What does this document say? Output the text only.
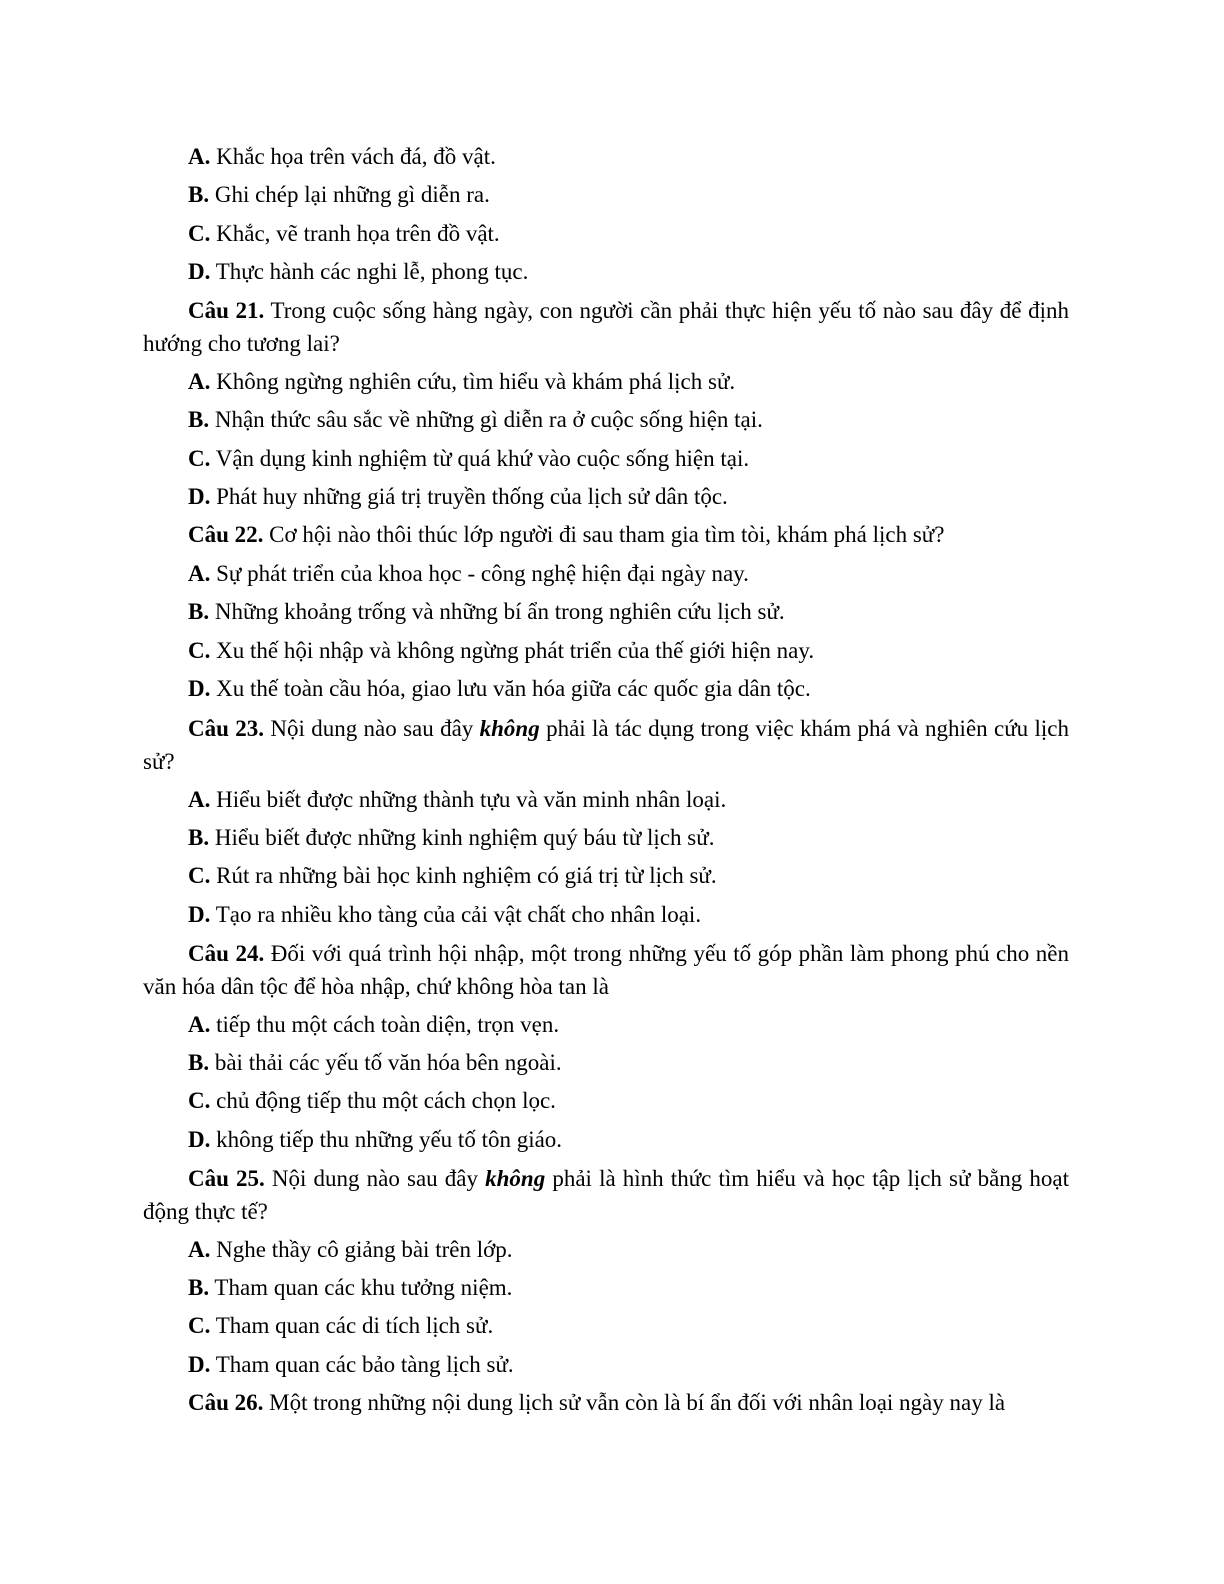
A. Khắc họa trên vách đá, đồ vật.
B. Ghi chép lại những gì diễn ra.
C. Khắc, vẽ tranh họa trên đồ vật.
D. Thực hành các nghi lễ, phong tục.
Câu 21. Trong cuộc sống hàng ngày, con người cần phải thực hiện yếu tố nào sau đây để định hướng cho tương lai?
A. Không ngừng nghiên cứu, tìm hiểu và khám phá lịch sử.
B. Nhận thức sâu sắc về những gì diễn ra ở cuộc sống hiện tại.
C. Vận dụng kinh nghiệm từ quá khứ vào cuộc sống hiện tại.
D. Phát huy những giá trị truyền thống của lịch sử dân tộc.
Câu 22. Cơ hội nào thôi thúc lớp người đi sau tham gia tìm tòi, khám phá lịch sử?
A. Sự phát triển của khoa học - công nghệ hiện đại ngày nay.
B. Những khoảng trống và những bí ẩn trong nghiên cứu lịch sử.
C. Xu thế hội nhập và không ngừng phát triển của thế giới hiện nay.
D. Xu thế toàn cầu hóa, giao lưu văn hóa giữa các quốc gia dân tộc.
Câu 23. Nội dung nào sau đây không phải là tác dụng trong việc khám phá và nghiên cứu lịch sử?
A. Hiểu biết được những thành tựu và văn minh nhân loại.
B. Hiểu biết được những kinh nghiệm quý báu từ lịch sử.
C. Rút ra những bài học kinh nghiệm có giá trị từ lịch sử.
D. Tạo ra nhiều kho tàng của cải vật chất cho nhân loại.
Câu 24. Đối với quá trình hội nhập, một trong những yếu tố góp phần làm phong phú cho nền văn hóa dân tộc để hòa nhập, chứ không hòa tan là
A. tiếp thu một cách toàn diện, trọn vẹn.
B. bài thải các yếu tố văn hóa bên ngoài.
C. chủ động tiếp thu một cách chọn lọc.
D. không tiếp thu những yếu tố tôn giáo.
Câu 25. Nội dung nào sau đây không phải là hình thức tìm hiểu và học tập lịch sử bằng hoạt động thực tế?
A. Nghe thầy cô giảng bài trên lớp.
B. Tham quan các khu tưởng niệm.
C. Tham quan các di tích lịch sử.
D. Tham quan các bảo tàng lịch sử.
Câu 26. Một trong những nội dung lịch sử vẫn còn là bí ẩn đối với nhân loại ngày nay là
